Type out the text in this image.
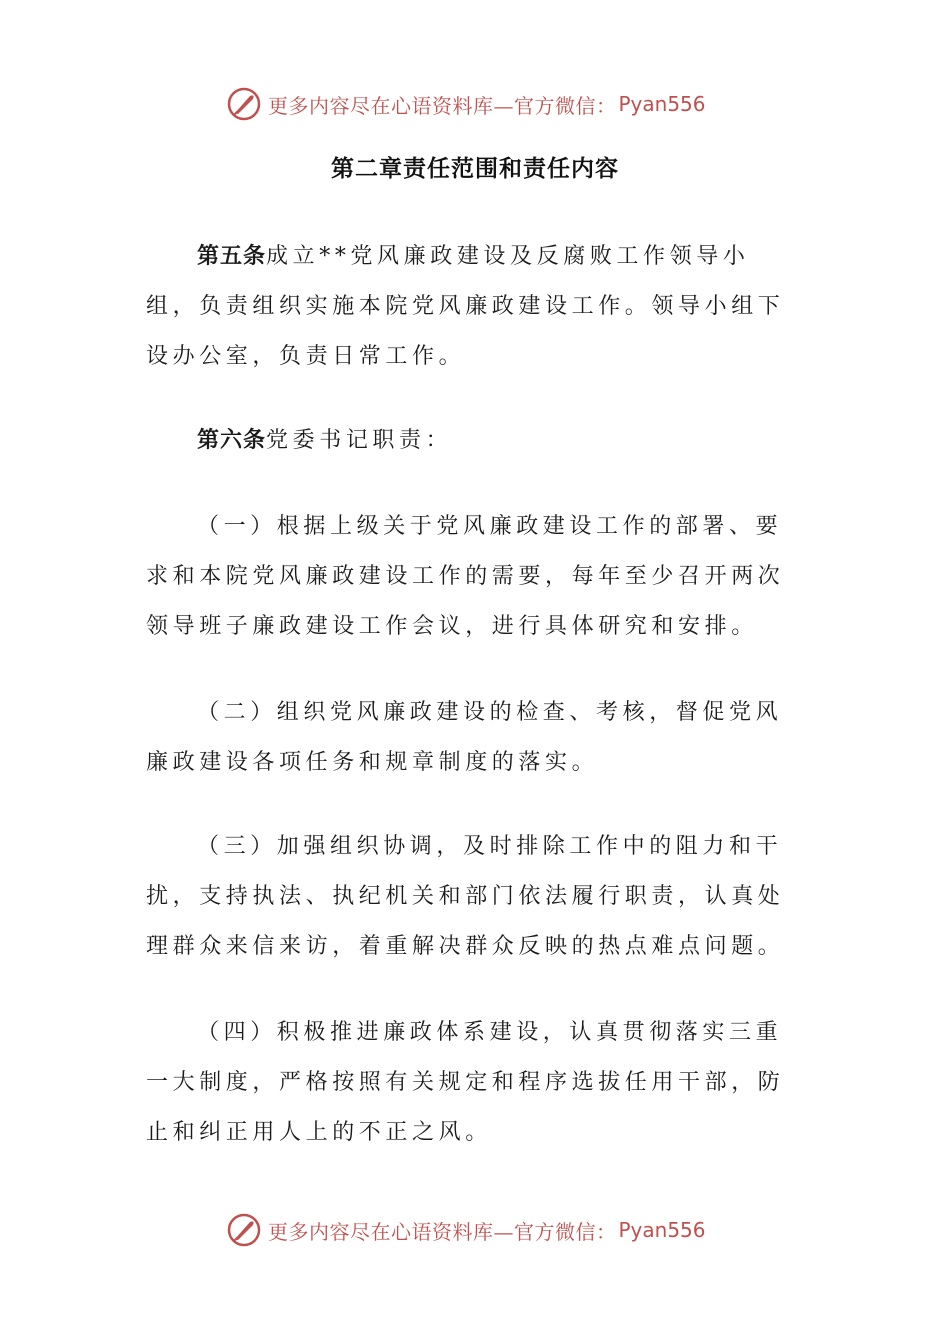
更多内容尽在心语资料库—官方微信： Pyan556
第二章责任范围和责任内容

第五条成立**党风廉政建设及反腐败工作领导小组，负责组织实施本院党风廉政建设工作。领导小组下设办公室，负责日常工作。

第六条党委书记职责：

（一）根据上级关于党风廉政建设工作的部署、要求和本院党风廉政建设工作的需要，每年至少召开两次领导班子廉政建设工作会议，进行具体研究和安排。

（二）组织党风廉政建设的检查、考核，督促党风廉政建设各项任务和规章制度的落实。

（三）加强组织协调，及时排除工作中的阻力和干扰，支持执法、执纪机关和部门依法履行职责，认真处理群众来信来访，着重解决群众反映的热点难点问题。

（四）积极推进廉政体系建设，认真贯彻落实三重一大制度，严格按照有关规定和程序选拔任用干部，防止和纠正用人上的不正之风。

更多内容尽在心语资料库—官方微信： Pyan556
